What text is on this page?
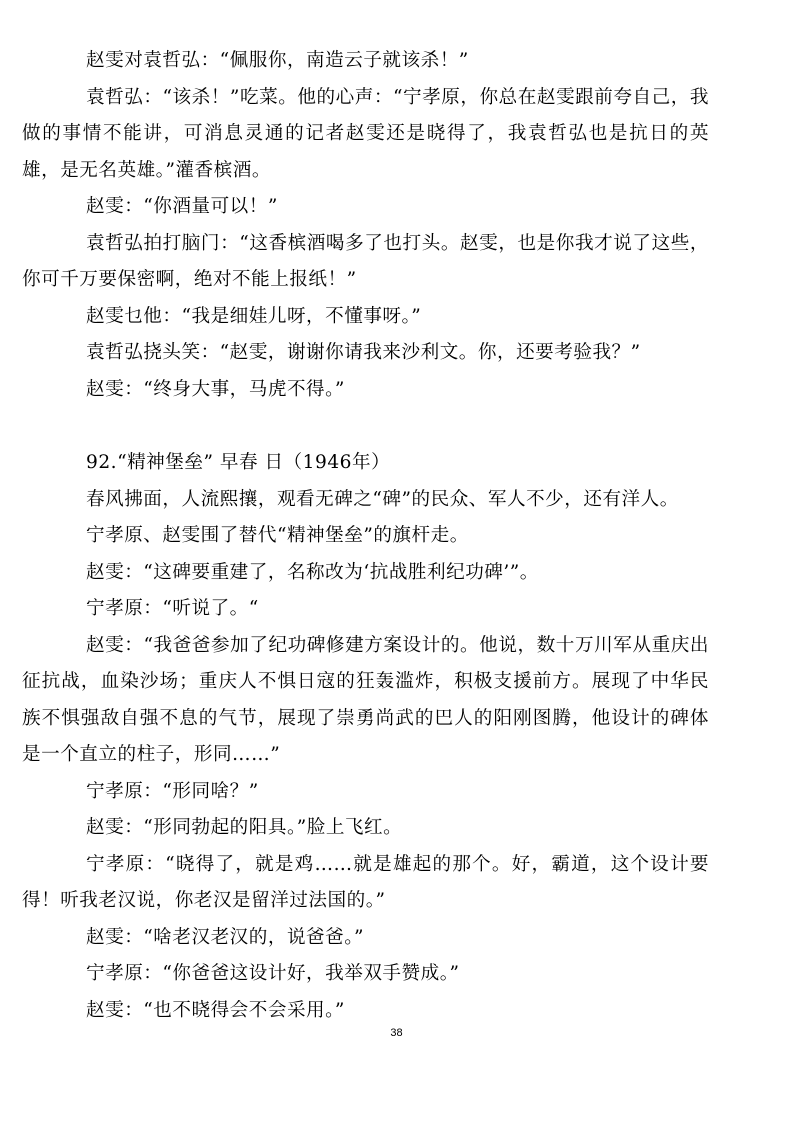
赵雯对袁哲弘：“佩服你，南造云子就该杀！”

袁哲弘：“该杀！”吃菜。他的心声：“宁孝原，你总在赵雯跟前夸自己，我做的事情不能讲，可消息灵通的记者赵雯还是晓得了，我袁哲弘也是抗日的英雄，是无名英雄。”灌香槟酒。

赵雯：“你酒量可以！”

袁哲弘拍打脑门：“这香槟酒喝多了也打头。赵雯，也是你我才说了这些，你可千万要保密啊，绝对不能上报纸！”

赵雯乜他：“我是细娃儿呀，不懂事呀。”

袁哲弘挠头笑：“赵雯，谢谢你请我来沙利文。你，还要考验我？”

赵雯：“终身大事，马虎不得。”

92.“精神堡垒” 早春 日（1946年）

春风拂面，人流熙攘，观看无碑之“碑”的民众、军人不少，还有洋人。

宁孝原、赵雯围了替代“精神堡垒”的旗杆走。

赵雯：“这碑要重建了，名称改为‘抗战胜利纪功碑’”。

宁孝原：“听说了。“

赵雯：“我爸爸参加了纪功碑修建方案设计的。他说，数十万川军从重庆出征抗战，血染沙场；重庆人不惧日寇的狂轰滥炸，积极支援前方。展现了中华民族不惧强敌自强不息的气节，展现了崇勇尚武的巴人的阳刚图腾，他设计的碑体是一个直立的柱子，形同……”

宁孝原：“形同啥？”

赵雯：“形同勃起的阳具。”脸上飞红。

宁孝原：“晓得了，就是鸡……就是雄起的那个。好，霸道，这个设计要得！听我老汉说，你老汉是留洋过法国的。”

赵雯：“啥老汉老汉的，说爸爸。”

宁孝原：“你爸爸这设计好，我举双手赞成。”

赵雯：“也不晓得会不会采用。”

38
